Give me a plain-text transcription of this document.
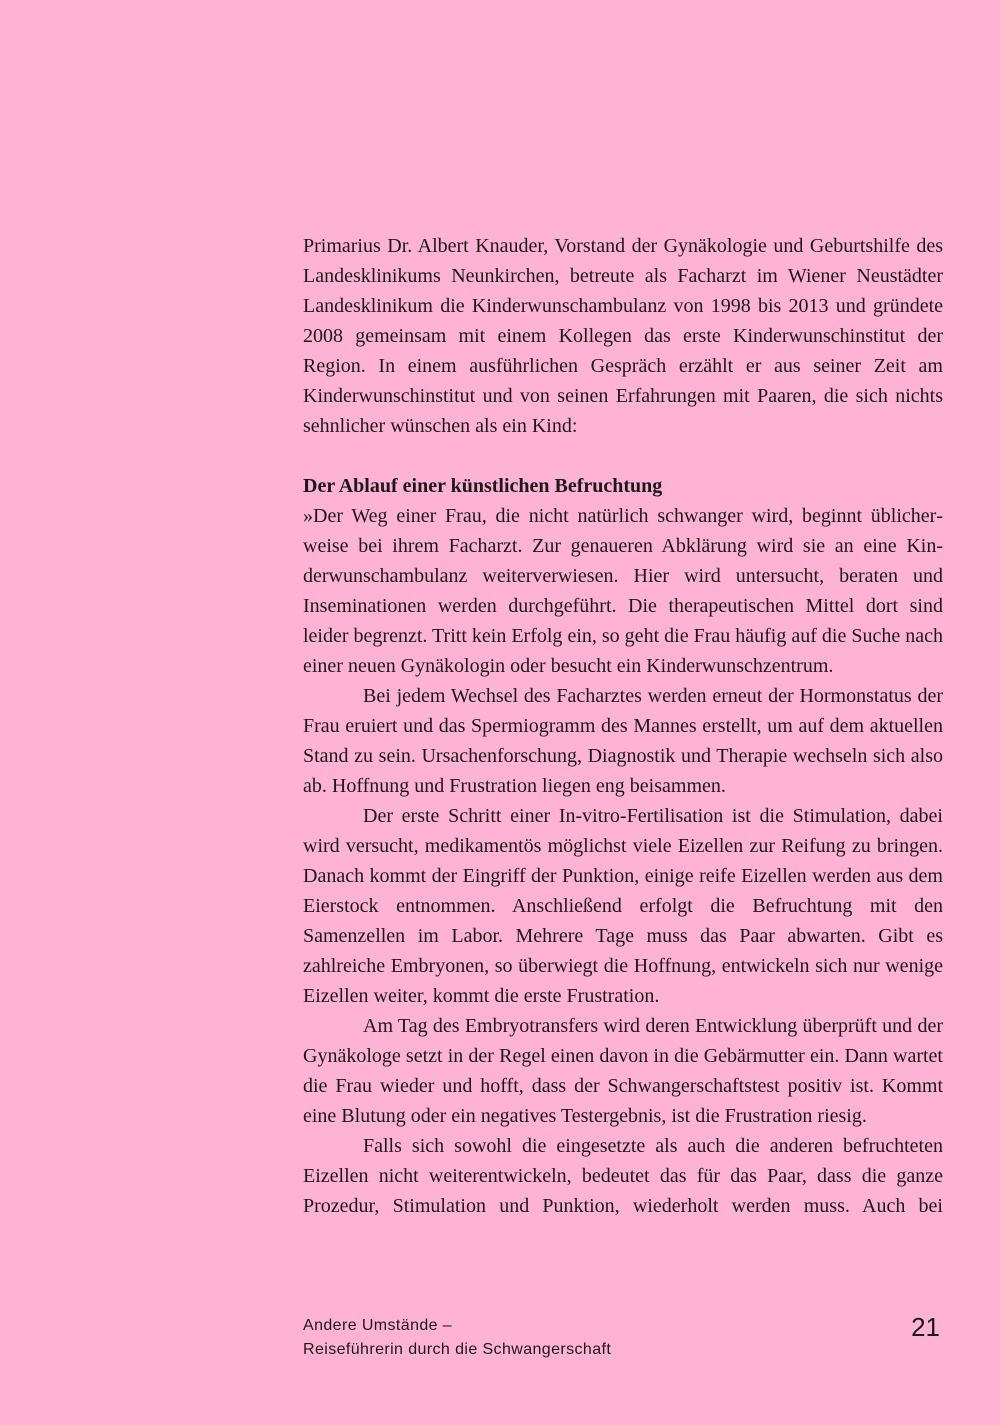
Primarius Dr. Albert Knauder, Vorstand der Gynäkologie und Geburtshilfe des Landesklinikums Neunkirchen, betreute als Facharzt im Wiener Neustädter Landesklinikum die Kinderwunschambulanz von 1998 bis 2013 und gründete 2008 gemeinsam mit einem Kollegen das erste Kinderwunschinstitut der Region. In einem ausführlichen Gespräch erzählt er aus seiner Zeit am Kinderwunschinstitut und von seinen Erfahrungen mit Paaren, die sich nichts sehnlicher wünschen als ein Kind:

Der Ablauf einer künstlichen Befruchtung

»Der Weg einer Frau, die nicht natürlich schwanger wird, beginnt üblicherweise bei ihrem Facharzt. Zur genaueren Abklärung wird sie an eine Kinderwunschambulanz weiterverwiesen. Hier wird untersucht, beraten und Inseminationen werden durchgeführt. Die therapeutischen Mittel dort sind leider begrenzt. Tritt kein Erfolg ein, so geht die Frau häufig auf die Suche nach einer neuen Gynäkologin oder besucht ein Kinderwunschzentrum.

Bei jedem Wechsel des Facharztes werden erneut der Hormonstatus der Frau eruiert und das Spermiogramm des Mannes erstellt, um auf dem aktuellen Stand zu sein. Ursachenforschung, Diagnostik und Therapie wechseln sich also ab. Hoffnung und Frustration liegen eng beisammen.

Der erste Schritt einer In-vitro-Fertilisation ist die Stimulation, dabei wird versucht, medikamentös möglichst viele Eizellen zur Reifung zu bringen. Danach kommt der Eingriff der Punktion, einige reife Eizellen werden aus dem Eierstock entnommen. Anschließend erfolgt die Befruchtung mit den Samenzellen im Labor. Mehrere Tage muss das Paar abwarten. Gibt es zahlreiche Embryonen, so überwiegt die Hoffnung, entwickeln sich nur wenige Eizellen weiter, kommt die erste Frustration.

Am Tag des Embryotransfers wird deren Entwicklung überprüft und der Gynäkologe setzt in der Regel einen davon in die Gebärmutter ein. Dann wartet die Frau wieder und hofft, dass der Schwangerschaftstest positiv ist. Kommt eine Blutung oder ein negatives Testergebnis, ist die Frustration riesig.

Falls sich sowohl die eingesetzte als auch die anderen befruchteten Eizellen nicht weiterentwickeln, bedeutet das für das Paar, dass die ganze Prozedur, Stimulation und Punktion, wiederholt werden muss. Auch bei

Andere Umstände –
Reiseführerin durch die Schwangerschaft
21
